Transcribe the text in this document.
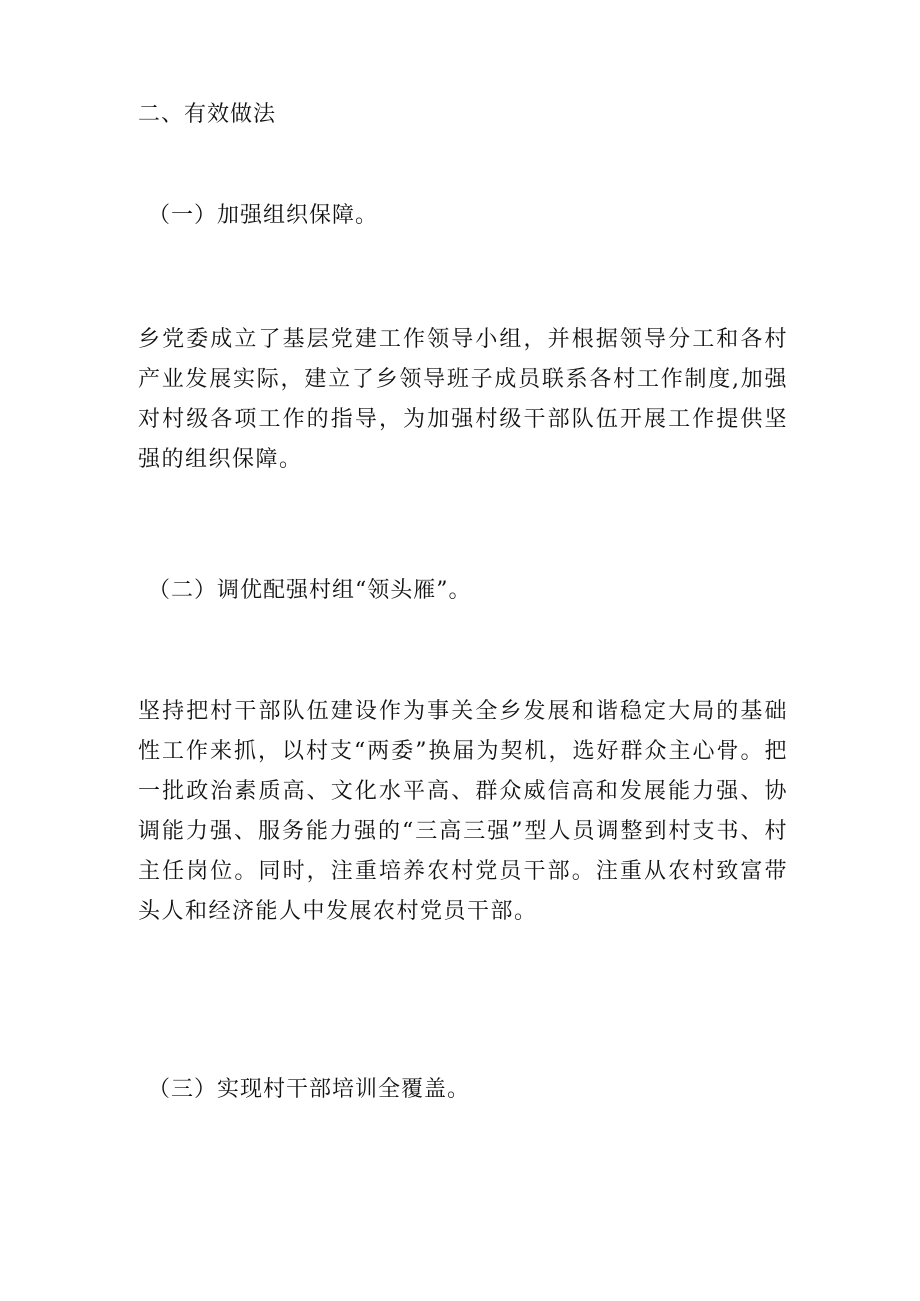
二、有效做法
（一）加强组织保障。

乡党委成立了基层党建工作领导小组，并根据领导分工和各村产业发展实际，建立了乡领导班子成员联系各村工作制度,加强对村级各项工作的指导，为加强村级干部队伍开展工作提供坚强的组织保障。

（二）调优配强村组“领头雁”。

坚持把村干部队伍建设作为事关全乡发展和谐稳定大局的基础性工作来抓，以村支“两委”换届为契机，选好群众主心骨。把一批政治素质高、文化水平高、群众威信高和发展能力强、协调能力强、服务能力强的“三高三强”型人员调整到村支书、村主任岗位。同时，注重培养农村党员干部。注重从农村致富带头人和经济能人中发展农村党员干部。

（三）实现村干部培训全覆盖。
